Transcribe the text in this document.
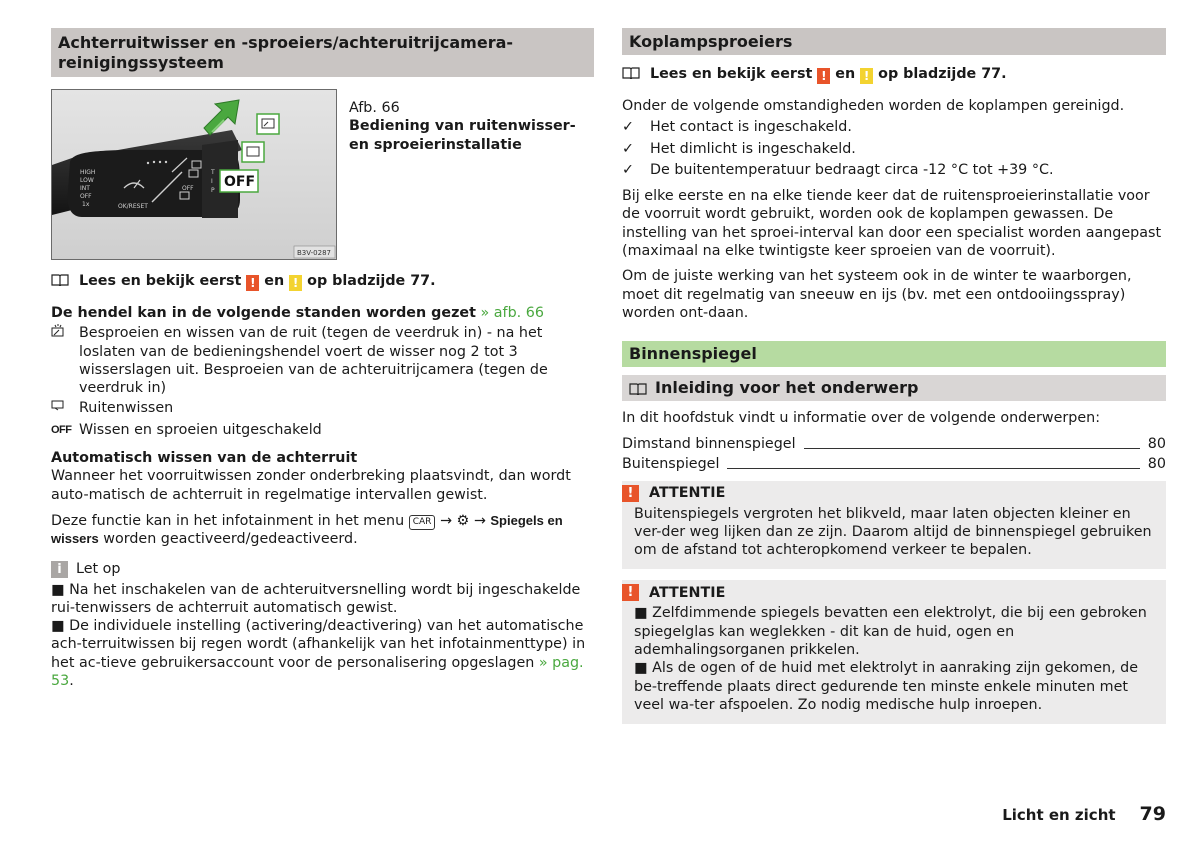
Achterruitwisser en -sproeiers/achteruitrijcamera-reinigingssysteem
HIGH
LOW
INT
OFF
1x	OK/RESET
OFF
T
I
P
OFF
B3V-0287
Afb. 66
Bediening van ruitenwisser- en sproeierinstallatie
Lees en bekijk eerst ! en ! op bladzijde 77.
De hendel kan in de volgende standen worden gezet » afb. 66
Besproeien en wissen van de ruit (tegen de veerdruk in) - na het loslaten van de bedieningshendel voert de wisser nog 2 tot 3 wisserslagen uit. Besproeien van de achteruitrijcamera (tegen de veerdruk in)
Ruitenwissen
OFF Wissen en sproeien uitgeschakeld
Automatisch wissen van de achterruit
Wanneer het voorruitwissen zonder onderbreking plaatsvindt, dan wordt auto-matisch de achterruit in regelmatige intervallen gewist.
Deze functie kan in het infotainment in het menu CAR → ⚙ → Spiegels en wissers worden geactiveerd/gedeactiveerd.
i Let op
■ Na het inschakelen van de achteruitversnelling wordt bij ingeschakelde rui-tenwissers de achterruit automatisch gewist.
■ De individuele instelling (activering/deactivering) van het automatische ach-terruitwissen bij regen wordt (afhankelijk van het infotainmenttype) in het ac-tieve gebruikersaccount voor de personalisering opgeslagen » pag. 53.
Koplampsproeiers
Lees en bekijk eerst ! en ! op bladzijde 77.
Onder de volgende omstandigheden worden de koplampen gereinigd.
✓ Het contact is ingeschakeld.
✓ Het dimlicht is ingeschakeld.
✓ De buitentemperatuur bedraagt circa -12 °C tot +39 °C.
Bij elke eerste en na elke tiende keer dat de ruitensproeierinstallatie voor de voorruit wordt gebruikt, worden ook de koplampen gewassen. De instelling van het sproei-interval kan door een specialist worden aangepast (maximaal na elke twintigste keer sproeien van de voorruit).
Om de juiste werking van het systeem ook in de winter te waarborgen, moet dit regelmatig van sneeuw en ijs (bv. met een ontdooiingsspray) worden ont-daan.
Binnenspiegel
Inleiding voor het onderwerp
In dit hoofdstuk vindt u informatie over de volgende onderwerpen:
Dimstand binnenspiegel	80
Buitenspiegel	80
!	ATTENTIE
Buitenspiegels vergroten het blikveld, maar laten objecten kleiner en ver-der weg lijken dan ze zijn. Daarom altijd de binnenspiegel gebruiken om de afstand tot achteropkomend verkeer te bepalen.
!	ATTENTIE
■ Zelfdimmende spiegels bevatten een elektrolyt, die bij een gebroken spiegelglas kan weglekken - dit kan de huid, ogen en ademhalingsorganen prikkelen.
■ Als de ogen of de huid met elektrolyt in aanraking zijn gekomen, de be-treffende plaats direct gedurende ten minste enkele minuten met veel wa-ter afspoelen. Zo nodig medische hulp inroepen.
Licht en zicht 79
